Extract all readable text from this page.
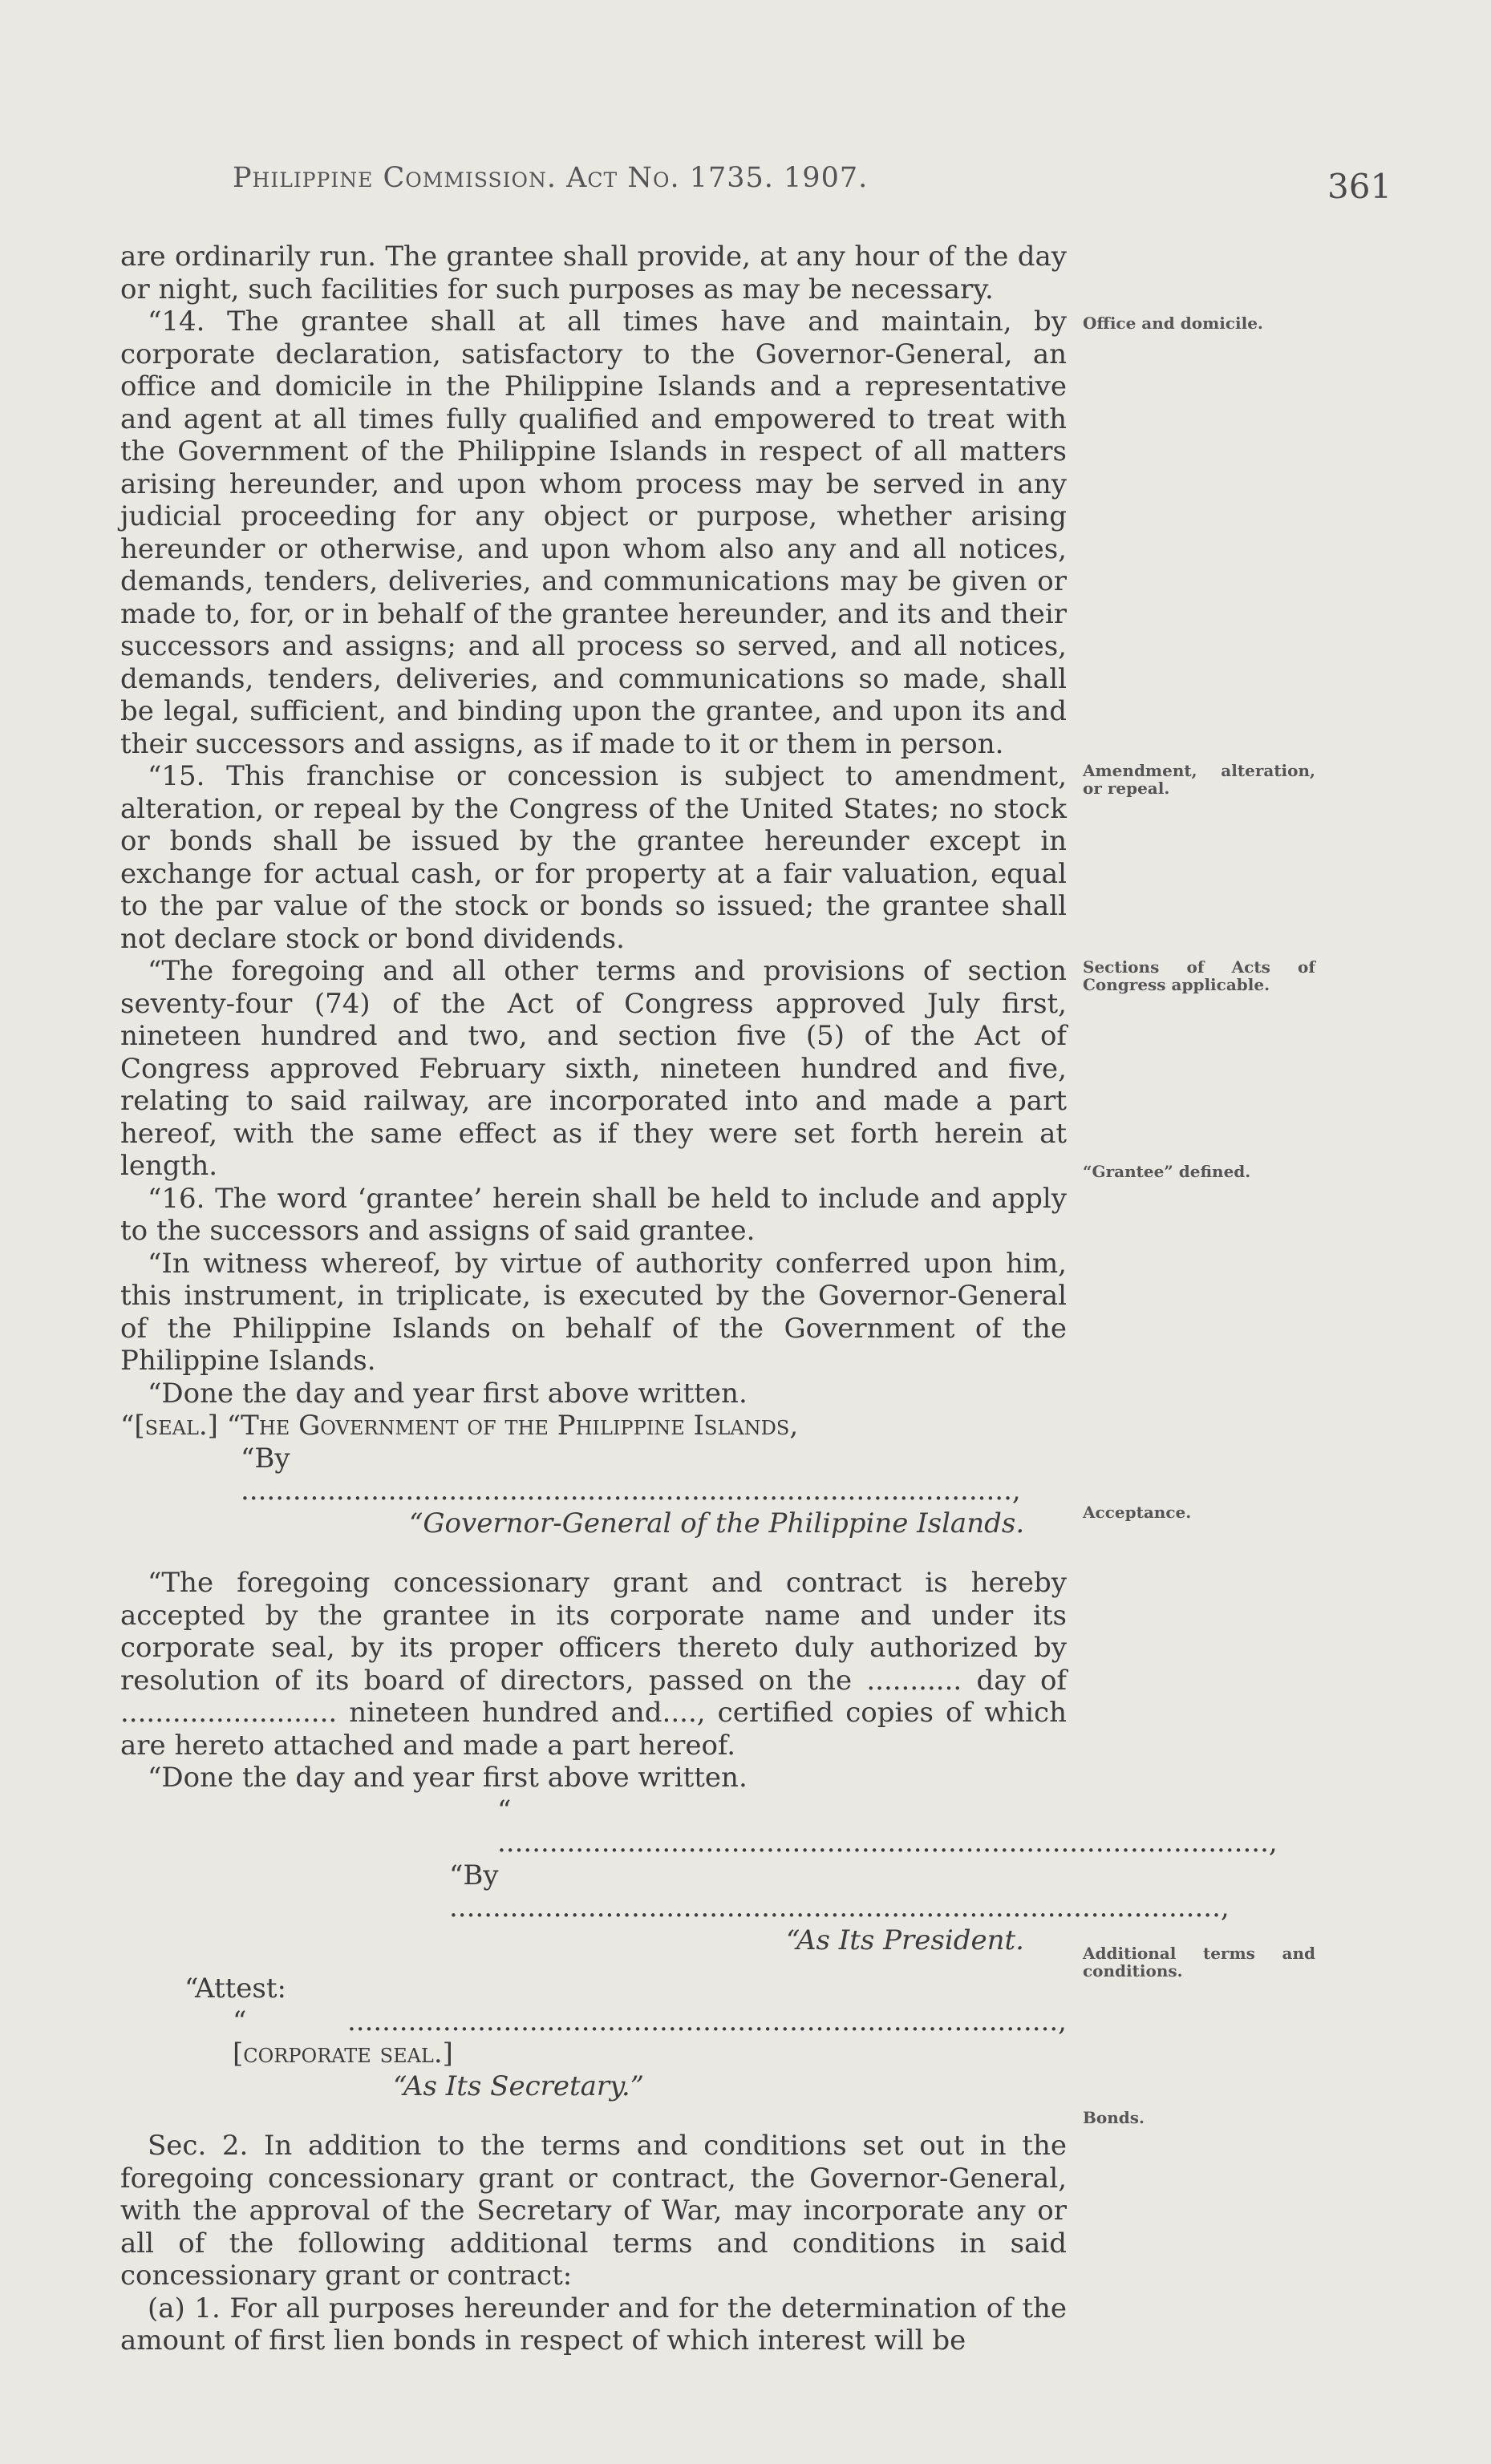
Philippine Commission. Act No. 1735. 1907.	361

are ordinarily run. The grantee shall provide, at any hour of the day or night, such facilities for such purposes as may be necessary.

“14. The grantee shall at all times have and maintain, by corporate declaration, satisfactory to the Governor-General, an office and domicile in the Philippine Islands and a representative and agent at all times fully qualified and empowered to treat with the Government of the Philippine Islands in respect of all matters arising hereunder, and upon whom process may be served in any judicial proceeding for any object or purpose, whether arising hereunder or otherwise, and upon whom also any and all notices, demands, tenders, deliveries, and communications may be given or made to, for, or in behalf of the grantee hereunder, and its and their successors and assigns; and all process so served, and all notices, demands, tenders, deliveries, and communications so made, shall be legal, sufficient, and binding upon the grantee, and upon its and their successors and assigns, as if made to it or them in person.

“15. This franchise or concession is subject to amendment, alteration, or repeal by the Congress of the United States; no stock or bonds shall be issued by the grantee hereunder except in exchange for actual cash, or for property at a fair valuation, equal to the par value of the stock or bonds so issued; the grantee shall not declare stock or bond dividends.

“The foregoing and all other terms and provisions of section seventy-four (74) of the Act of Congress approved July first, nineteen hundred and two, and section five (5) of the Act of Congress approved February sixth, nineteen hundred and five, relating to said railway, are incorporated into and made a part hereof, with the same effect as if they were set forth herein at length.

“16. The word ‘grantee’ herein shall be held to include and apply to the successors and assigns of said grantee.

“In witness whereof, by virtue of authority conferred upon him, this instrument, in triplicate, is executed by the Governor-General of the Philippine Islands on behalf of the Government of the Philippine Islands.

“Done the day and year first above written.

“[seal.] “The Government of the Philippine Islands,

“By .........................................................................................,

“Governor-General of the Philippine Islands.

“The foregoing concessionary grant and contract is hereby accepted by the grantee in its corporate name and under its corporate seal, by its proper officers thereto duly authorized by resolution of its board of directors, passed on the ........... day of ......................... nineteen hundred and...., certified copies of which are hereto attached and made a part hereof.

“Done the day and year first above written.

“ .........................................................................................,

“By .........................................................................................,

“As Its President.

“Attest:

“ .................................................................................., [corporate seal.]

“As Its Secretary.”

Sec. 2. In addition to the terms and conditions set out in the foregoing concessionary grant or contract, the Governor-General, with the approval of the Secretary of War, may incorporate any or all of the following additional terms and conditions in said concessionary grant or contract:

(a) 1. For all purposes hereunder and for the determination of the amount of first lien bonds in respect of which interest will be

Office and domicile.
Amendment, alteration, or repeal.
Sections of Acts of Congress applicable.
“Grantee” defined.
Acceptance.
Additional terms and conditions.
Bonds.
